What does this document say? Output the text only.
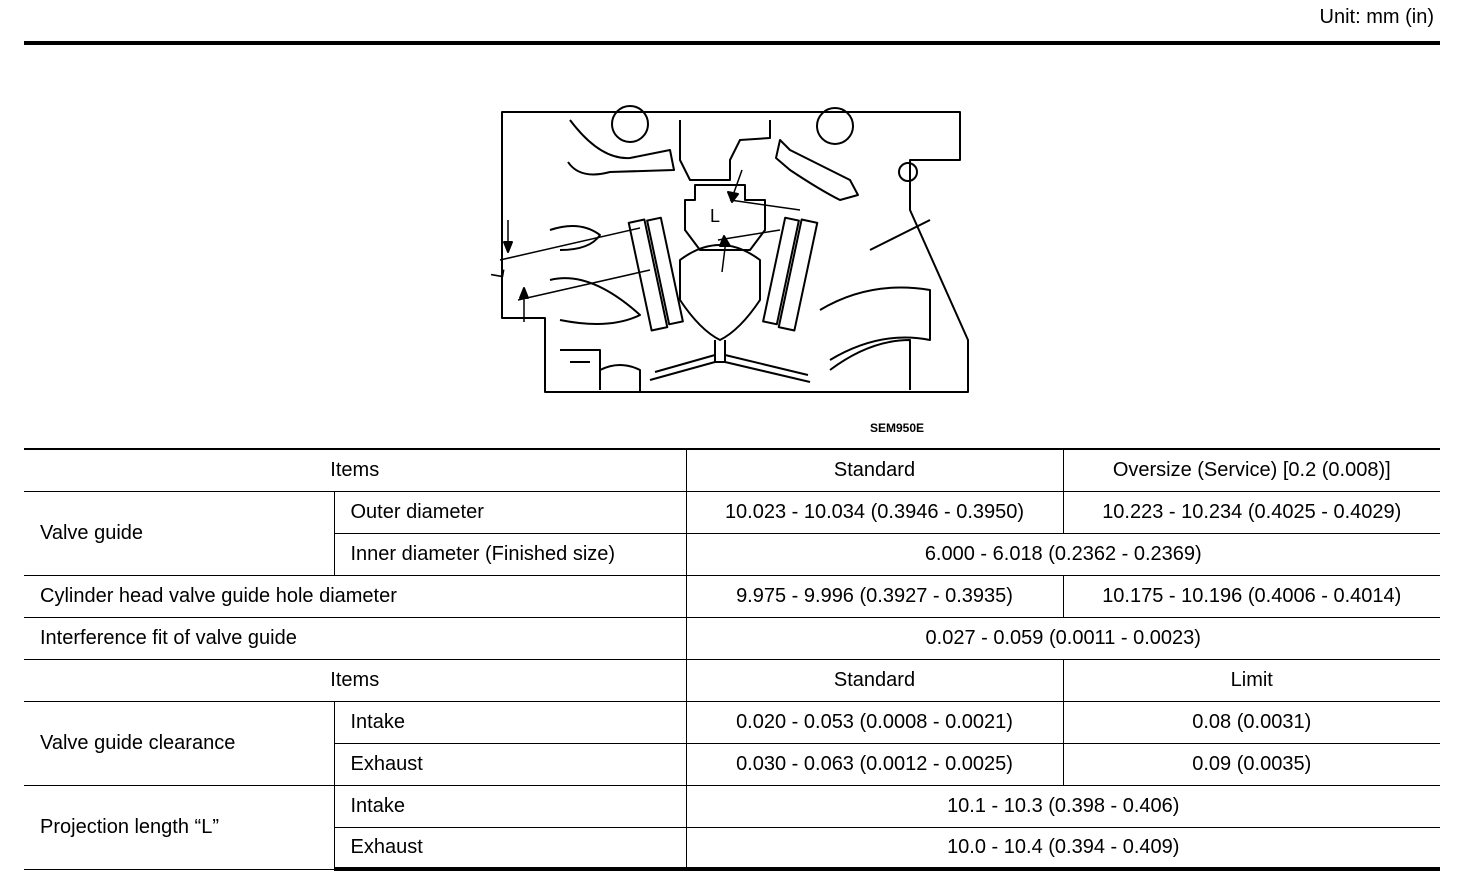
Unit: mm (in)
L
L
SEM950E
Items		Standard	Oversize (Service) [0.2 (0.008)]
Valve guide	Outer diameter	10.023 - 10.034 (0.3946 - 0.3950)	10.223 - 10.234 (0.4025 - 0.4029)
	Inner diameter (Finished size)	6.000 - 6.018 (0.2362 - 0.2369)	
Cylinder head valve guide hole diameter		9.975 - 9.996 (0.3927 - 0.3935)	10.175 - 10.196 (0.4006 - 0.4014)
Interference fit of valve guide		0.027 - 0.059 (0.0011 - 0.0023)	
Items		Standard	Limit
Valve guide clearance	Intake	0.020 - 0.053 (0.0008 - 0.0021)	0.08 (0.0031)
	Exhaust	0.030 - 0.063 (0.0012 - 0.0025)	0.09 (0.0035)
Projection length “L”	Intake	10.1 - 10.3 (0.398 - 0.406)	
	Exhaust	10.0 - 10.4 (0.394 - 0.409)	
